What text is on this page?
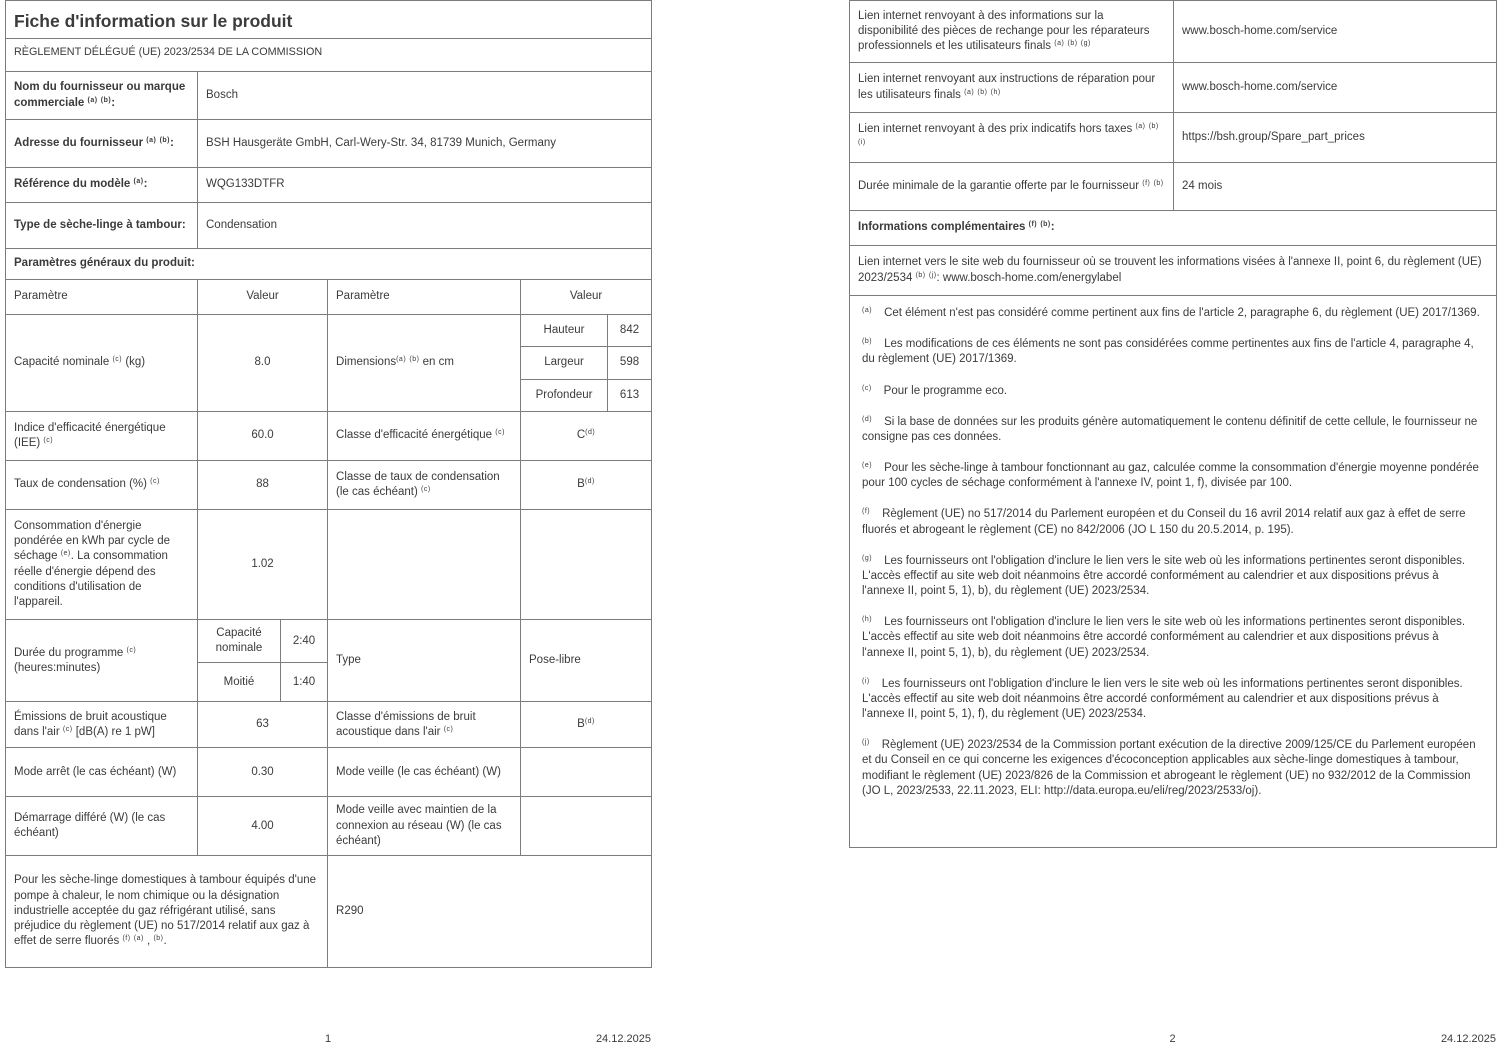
Fiche d'information sur le produit	
RÈGLEMENT DÉLÉGUÉ (UE) 2023/2534 DE LA COMMISSION	
Nom du fournisseur ou marque commerciale $^{(a)}$ $^{(b)}$:	Bosch
Adresse du fournisseur $^{(a)}$ $^{(b)}$:	BSH Hausgeräte GmbH, Carl-Wery-Str. 34, 81739 Munich, Germany
Référence du modèle $^{(a)}$:	WQG133DTFR
Type de sèche-linge à tambour:	Condensation
Paramètres généraux du produit:	
Paramètre	Valeur		Paramètre	Valeur	
Capacité nominale $^{(c)}$ (kg)	8.0		Dimensions$^{(a)}$ $^{(b)}$ en cm	Hauteur	842
				Largeur	598
				Profondeur	613
Indice d'efficacité énergétique (IEE) $^{(c)}$	60.0		Classe d'efficacité énergétique $^{(c)}$	$C^{(d)}$
Taux de condensation (%) $^{(c)}$	88		Classe de taux de condensation (le cas échéant) $^{(c)}$	$B^{(d)}$
Consommation d'énergie pondérée en kWh par cycle de séchage $^{(e)}$. La consommation réelle d'énergie dépend des conditions d'utilisation de l'appareil.	1.02				
Durée du programme $^{(c)}$ (heures:minutes)	Capacité nominale	2:40	Type	Pose-libre	
	Moitié	1:40			
Émissions de bruit acoustique dans l'air $^{(c)}$ [dB(A) re 1 pW]	63		Classe d'émissions de bruit acoustique dans l'air $^{(c)}$	$B^{(d)}$
Mode arrêt (le cas échéant) (W)	0.30		Mode veille (le cas échéant) (W)		
Démarrage différé (W) (le cas échéant)	4.00		Mode veille avec maintien de la connexion au réseau (W) (le cas échéant)		
Pour les sèche-linge domestiques à tambour équipés d'une pompe à chaleur, le nom chimique ou la désignation industrielle acceptée du gaz réfrigérant utilisé, sans préjudice du règlement (UE) no 517/2014 relatif aux gaz à effet de serre fluorés $^{(f)}$ $^{(a)}$ , $^{(b)}$.			R290		
Lien internet renvoyant à des informations sur la disponibilité des pièces de rechange pour les réparateurs professionnels et les utilisateurs finals $^{(a)}$ $^{(b)}$ $^{(g)}$	www.bosch-home.com/service
Lien internet renvoyant aux instructions de réparation pour les utilisateurs finals $^{(a)}$ $^{(b)}$ $^{(h)}$	www.bosch-home.com/service
Lien internet renvoyant à des prix indicatifs hors taxes $^{(a)}$ $^{(b)}$ $^{(i)}$	https://bsh.group/Spare_part_prices
Durée minimale de la garantie offerte par le fournisseur $^{(f)}$ $^{(b)}$	24 mois
Informations complémentaires $^{(f)}$ $^{(b)}$:	
Lien internet vers le site web du fournisseur où se trouvent les informations visées à l'annexe II, point 6, du règlement (UE) 2023/2534 $^{(b)}$ $^{(j)}$: www.bosch-home.com/energylabel	

$^{(a)}$ Cet élément n'est pas considéré comme pertinent aux fins de l'article 2, paragraphe 6, du règlement (UE) 2017/1369.

$^{(b)}$ Les modifications de ces éléments ne sont pas considérées comme pertinentes aux fins de l'article 4, paragraphe 4, du règlement (UE) 2017/1369.

$^{(c)}$ Pour le programme eco.

$^{(d)}$ Si la base de données sur les produits génère automatiquement le contenu définitif de cette cellule, le fournisseur ne consigne pas ces données.

$^{(e)}$ Pour les sèche-linge à tambour fonctionnant au gaz, calculée comme la consommation d'énergie moyenne pondérée pour 100 cycles de séchage conformément à l'annexe IV, point 1, f), divisée par 100.

$^{(f)}$ Règlement (UE) no 517/2014 du Parlement européen et du Conseil du 16 avril 2014 relatif aux gaz à effet de serre fluorés et abrogeant le règlement (CE) no 842/2006 (JO L 150 du 20.5.2014, p. 195).

$^{(g)}$ Les fournisseurs ont l'obligation d'inclure le lien vers le site web où les informations pertinentes seront disponibles. L'accès effectif au site web doit néanmoins être accordé conformément au calendrier et aux dispositions prévus à l'annexe II, point 5, 1), b), du règlement (UE) 2023/2534.

$^{(h)}$ Les fournisseurs ont l'obligation d'inclure le lien vers le site web où les informations pertinentes seront disponibles. L'accès effectif au site web doit néanmoins être accordé conformément au calendrier et aux dispositions prévus à l'annexe II, point 5, 1), b), du règlement (UE) 2023/2534.

$^{(i)}$ Les fournisseurs ont l'obligation d'inclure le lien vers le site web où les informations pertinentes seront disponibles. L'accès effectif au site web doit néanmoins être accordé conformément au calendrier et aux dispositions prévus à l'annexe II, point 5, 1), f), du règlement (UE) 2023/2534.

$^{(j)}$ Règlement (UE) 2023/2534 de la Commission portant exécution de la directive 2009/125/CE du Parlement européen et du Conseil en ce qui concerne les exigences d'écoconception applicables aux sèche-linge domestiques à tambour, modifiant le règlement (UE) 2023/826 de la Commission et abrogeant le règlement (UE) no 932/2012 de la Commission (JO L, 2023/2533, 22.11.2023, ELI: http://data.europa.eu/eli/reg/2023/2533/oj).

1	24.12.2025	2	24.12.2025
